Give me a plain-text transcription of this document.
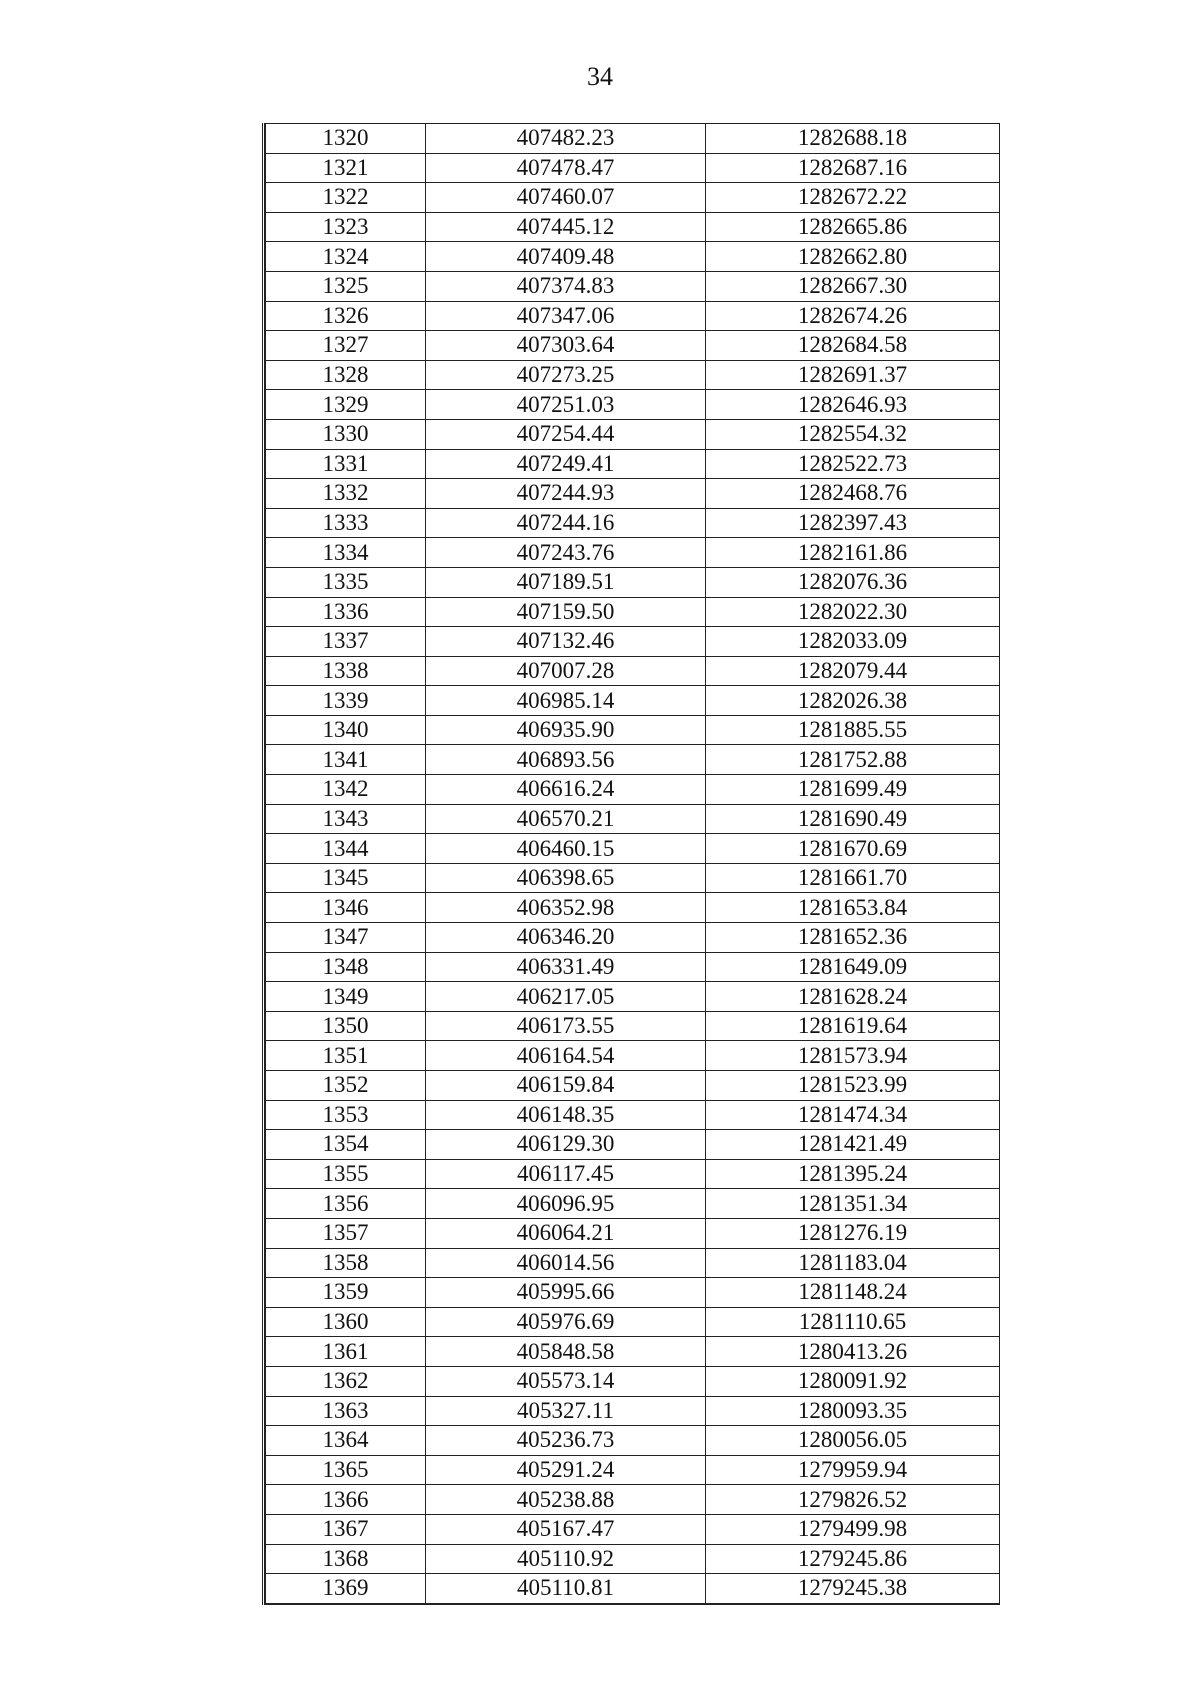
34
1320	407482.23	1282688.18
1321	407478.47	1282687.16
1322	407460.07	1282672.22
1323	407445.12	1282665.86
1324	407409.48	1282662.80
1325	407374.83	1282667.30
1326	407347.06	1282674.26
1327	407303.64	1282684.58
1328	407273.25	1282691.37
1329	407251.03	1282646.93
1330	407254.44	1282554.32
1331	407249.41	1282522.73
1332	407244.93	1282468.76
1333	407244.16	1282397.43
1334	407243.76	1282161.86
1335	407189.51	1282076.36
1336	407159.50	1282022.30
1337	407132.46	1282033.09
1338	407007.28	1282079.44
1339	406985.14	1282026.38
1340	406935.90	1281885.55
1341	406893.56	1281752.88
1342	406616.24	1281699.49
1343	406570.21	1281690.49
1344	406460.15	1281670.69
1345	406398.65	1281661.70
1346	406352.98	1281653.84
1347	406346.20	1281652.36
1348	406331.49	1281649.09
1349	406217.05	1281628.24
1350	406173.55	1281619.64
1351	406164.54	1281573.94
1352	406159.84	1281523.99
1353	406148.35	1281474.34
1354	406129.30	1281421.49
1355	406117.45	1281395.24
1356	406096.95	1281351.34
1357	406064.21	1281276.19
1358	406014.56	1281183.04
1359	405995.66	1281148.24
1360	405976.69	1281110.65
1361	405848.58	1280413.26
1362	405573.14	1280091.92
1363	405327.11	1280093.35
1364	405236.73	1280056.05
1365	405291.24	1279959.94
1366	405238.88	1279826.52
1367	405167.47	1279499.98
1368	405110.92	1279245.86
1369	405110.81	1279245.38
